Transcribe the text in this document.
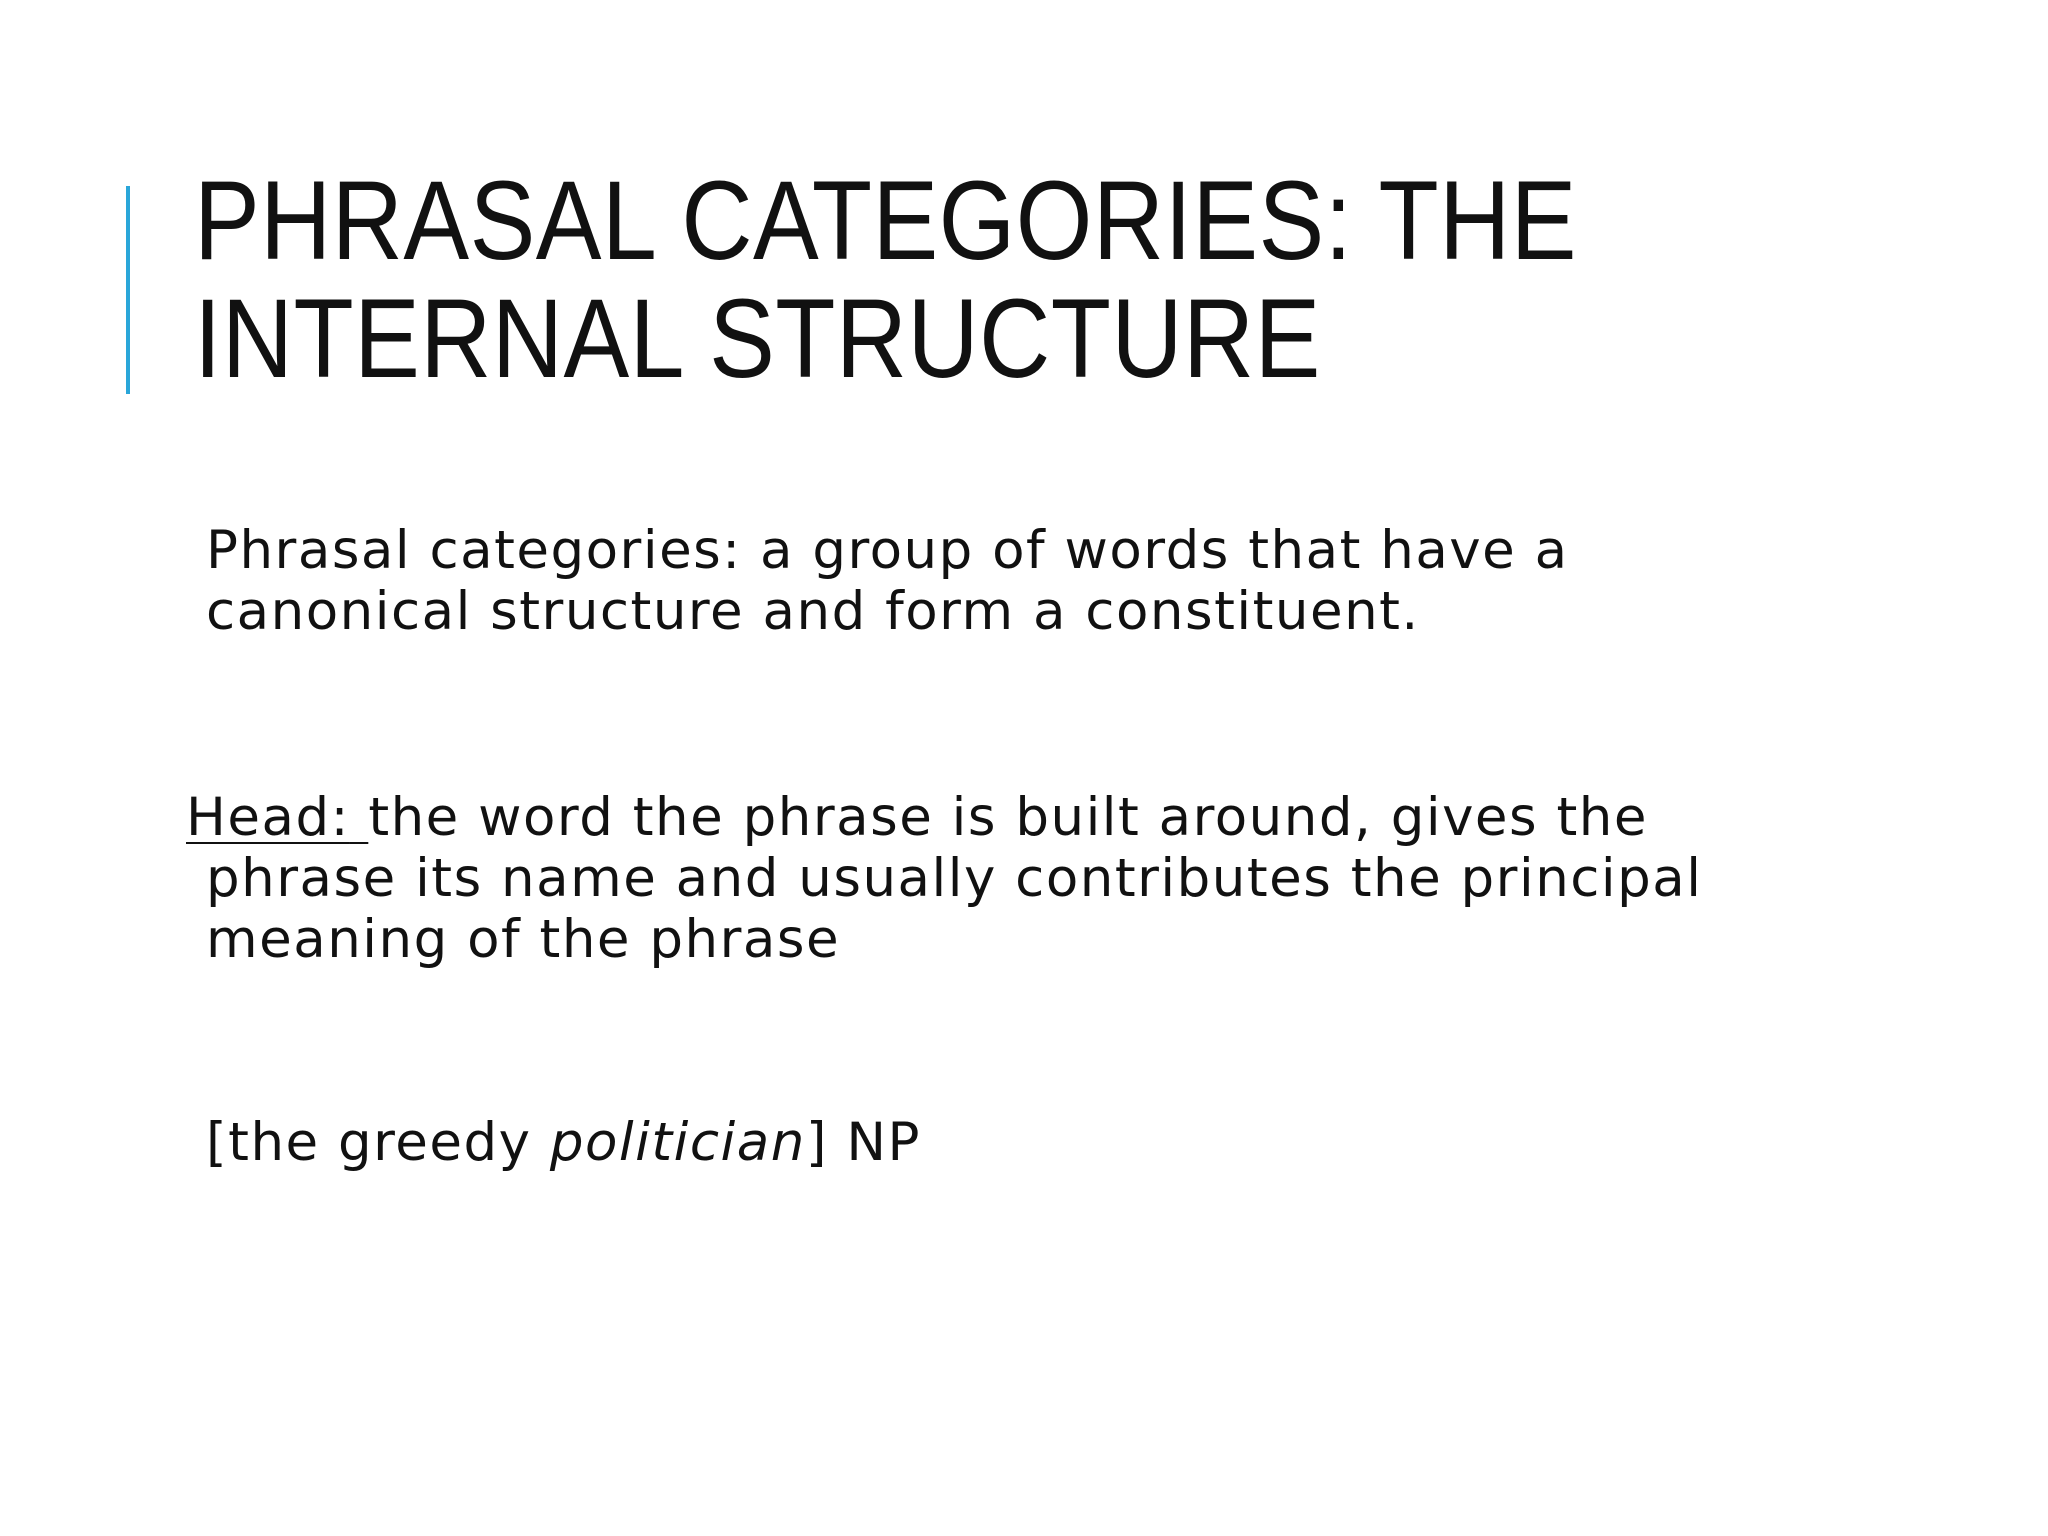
PHRASAL CATEGORIES: THE
INTERNAL STRUCTURE

Phrasal categories: a group of words that have a
canonical structure and form a constituent.

Head: the word the phrase is built around, gives the
phrase its name and usually contributes the principal
meaning of the phrase

[the greedy politician] NP
